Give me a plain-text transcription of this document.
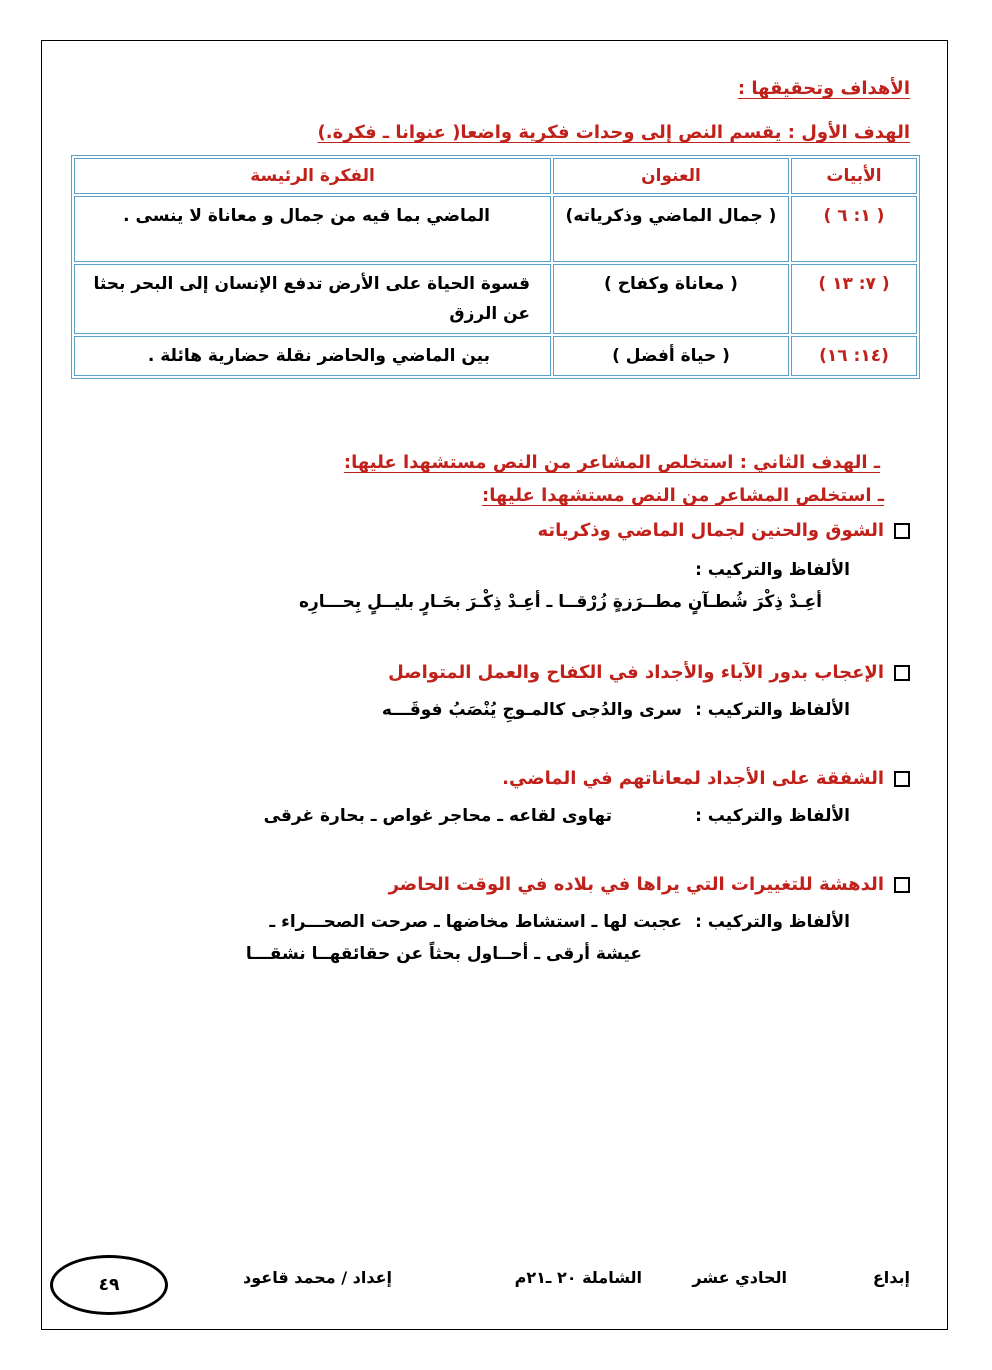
الأهداف وتحقيقها :
الهدف الأول : يقسم النص إلى وحدات فكرية واضعا( عنوانا ـ فكرة.)
الأبيات	العنوان	الفكرة الرئيسة
( ١: ٦ )	( جمال الماضي وذكرياته)	الماضي بما فيه من جمال و معاناة لا ينسى .
( ٧: ١٣ )	( معاناة وكفاح )	قسوة الحياة على الأرض تدفع الإنسان إلى البحر بحثا عن الرزق
(١٤: ١٦)	( حياة أفضل )	بين الماضي والحاضر نقلة حضارية هائلة .
ـ الهدف الثاني : استخلص المشاعر من النص مستشهدا عليها:
ـ استخلص المشاعر من النص مستشهدا عليها:
الشوق والحنين لجمال الماضي وذكرياته
الألفاظ والتركيب :
أعِـدْ ذِكْرَ شُطـآنٍ مطــرَزةٍ زُرْقــا ـ أعِـدْ ذِكْـرَ بحَـارٍ بليــلٍ بِحـــارِه
الإعجاب بدور الآباء والأجداد في الكفاح والعمل المتواصل
الألفاظ والتركيب :
سرى والدُجى كالمـوجِ يُنْصَبُ فوقَـــه
الشفقة على الأجداد لمعاناتهم في الماضي.
الألفاظ والتركيب :
تهاوى لقاعه ـ محاجر غواص ـ بحارة غرقى
الدهشة للتغييرات التي يراها في بلاده في الوقت الحاضر
الألفاظ والتركيب :
عجبت لها ـ استشاط مخاضها ـ صرحت الصحـــراء ـ
عيشة أرقى ـ أحــاول بحثاً عن حقائقهــا نشقـــا
إبداع
الحادي عشر
الشاملة ٢٠ ـ٢١م
إعداد / محمد قاعود
٤٩
